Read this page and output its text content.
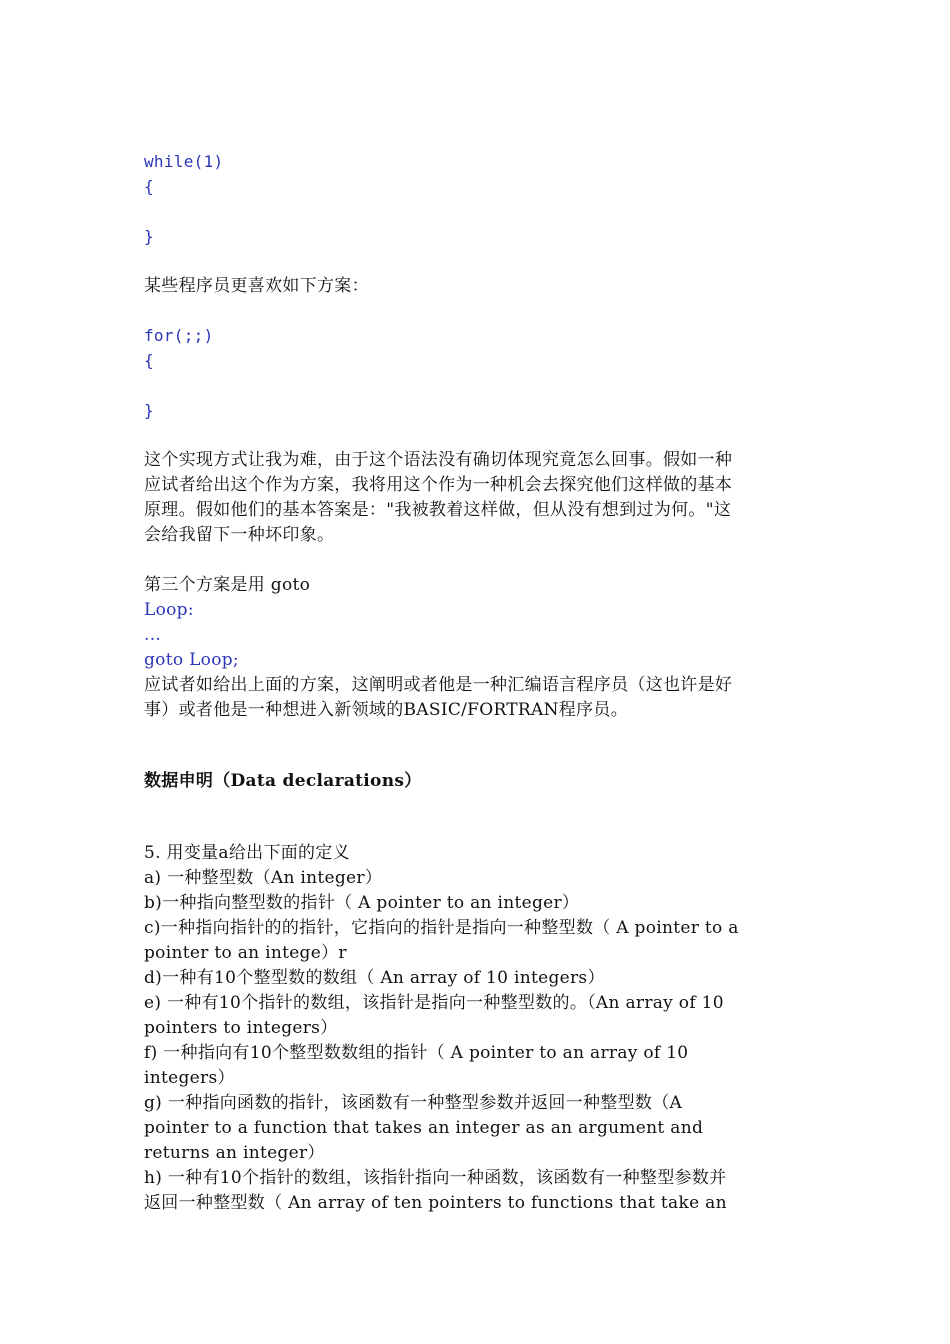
while(1)
{
}
某些程序员更喜欢如下方案：
for(;;)
{
}
这个实现方式让我为难，由于这个语法没有确切体现究竟怎么回事。假如一种
应试者给出这个作为方案，我将用这个作为一种机会去探究他们这样做的基本
原理。假如他们的基本答案是："我被教着这样做，但从没有想到过为何。"这
会给我留下一种坏印象。
第三个方案是用 goto
Loop:
...
goto Loop;
应试者如给出上面的方案，这阐明或者他是一种汇编语言程序员（这也许是好
事）或者他是一种想进入新领域的BASIC/FORTRAN程序员。
数据申明（Data declarations）
5. 用变量a给出下面的定义
a) 一种整型数（An integer）
b)一种指向整型数的指针（ A pointer to an integer）
c)一种指向指针的的指针，它指向的指针是指向一种整型数（ A pointer to a
pointer to an intege）r
d)一种有10个整型数的数组（ An array of 10 integers）
e) 一种有10个指针的数组，该指针是指向一种整型数的。（An array of 10
pointers to integers）
f) 一种指向有10个整型数数组的指针（ A pointer to an array of 10
integers）
g) 一种指向函数的指针，该函数有一种整型参数并返回一种整型数（A
pointer to a function that takes an integer as an argument and
returns an integer）
h) 一种有10个指针的数组，该指针指向一种函数，该函数有一种整型参数并
返回一种整型数（ An array of ten pointers to functions that take an
